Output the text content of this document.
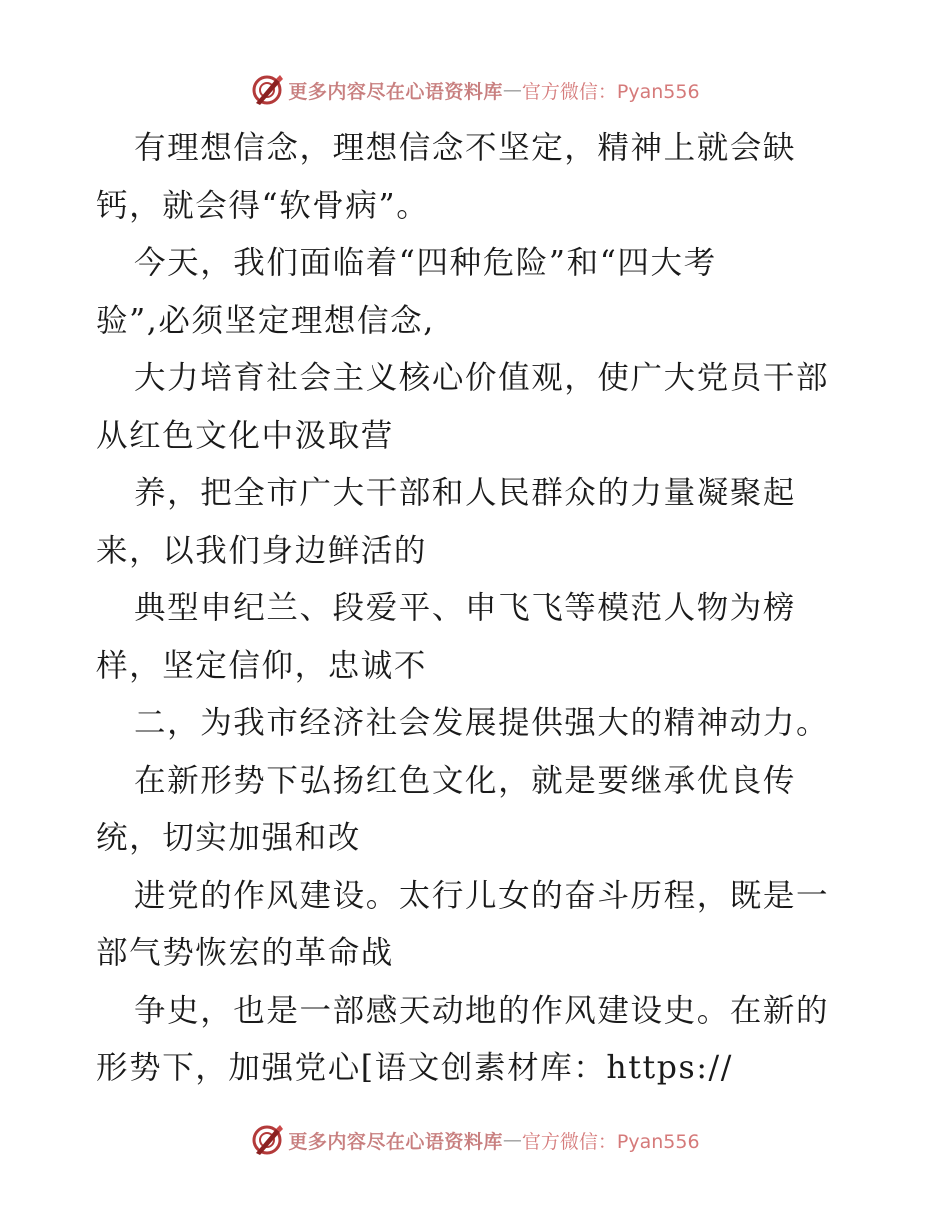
更多内容尽在心语资料库 — 官方微信：Pyan556
有理想信念，理想信念不坚定，精神上就会缺
钙，就会得“软骨病”。
今天，我们面临着“四种危险”和“四大考
验”,必须坚定理想信念,
大力培育社会主义核心价值观，使广大党员干部
从红色文化中汲取营
养，把全市广大干部和人民群众的力量凝聚起
来，以我们身边鲜活的
典型申纪兰、段爱平、申飞飞等模范人物为榜
样，坚定信仰，忠诚不
二，为我市经济社会发展提供强大的精神动力。
在新形势下弘扬红色文化，就是要继承优良传
统，切实加强和改
进党的作风建设。太行儿女的奋斗历程，既是一
部气势恢宏的革命战
争史，也是一部感天动地的作风建设史。在新的
形势下，加强党心[语文创素材库：https://
更多内容尽在心语资料库 — 官方微信：Pyan556
